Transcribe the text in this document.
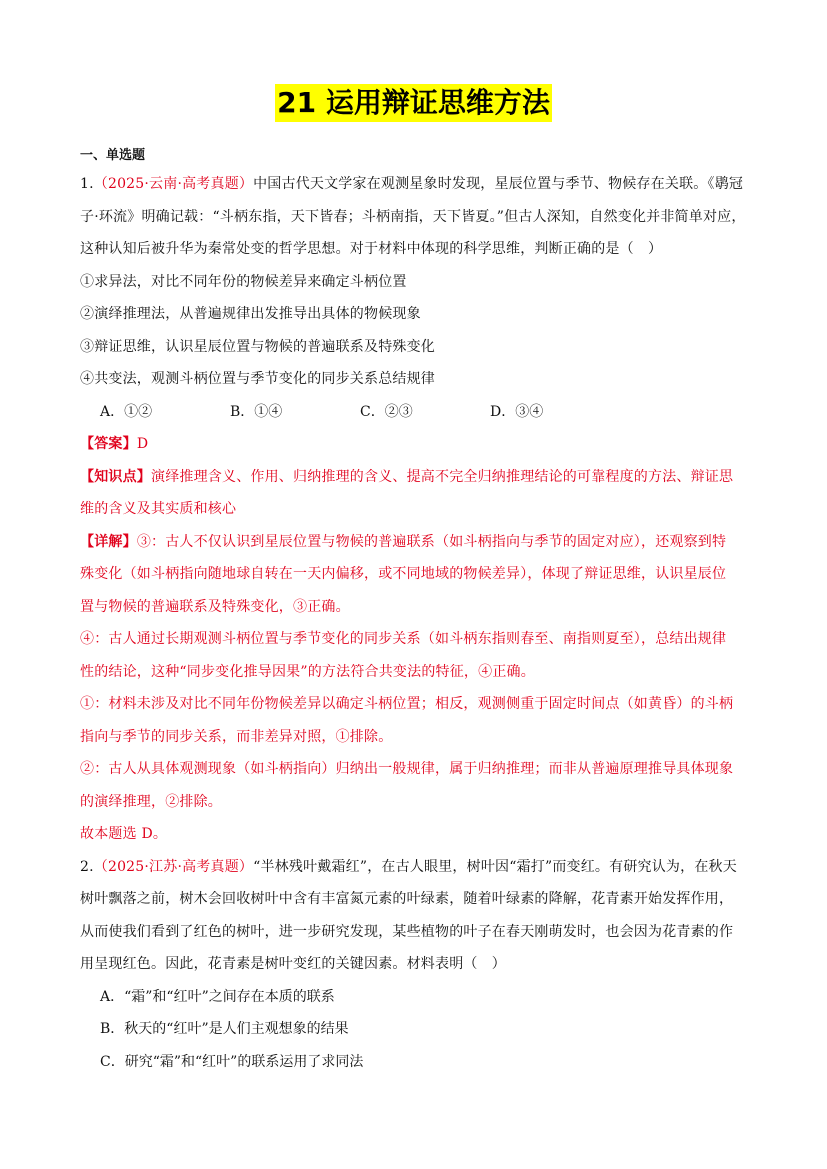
21 运用辩证思维方法
一、单选题

1.（2025·云南·高考真题）中国古代天文学家在观测星象时发现，星辰位置与季节、物候存在关联。《鹖冠

子·环流》明确记载：“斗柄东指，天下皆春；斗柄南指，天下皆夏。”但古人深知，自然变化并非简单对应，

这种认知后被升华为秦常处变的哲学思想。对于材料中体现的科学思维，判断正确的是（　）

①求异法，对比不同年份的物候差异来确定斗柄位置

②演绎推理法，从普遍规律出发推导出具体的物候现象

③辩证思维，认识星辰位置与物候的普遍联系及特殊变化

④共变法，观测斗柄位置与季节变化的同步关系总结规律

A．①②	B．①④	C．②③	D．③④

【答案】D

【知识点】演绎推理含义、作用、归纳推理的含义、提高不完全归纳推理结论的可靠程度的方法、辩证思

维的含义及其实质和核心

【详解】③：古人不仅认识到星辰位置与物候的普遍联系（如斗柄指向与季节的固定对应），还观察到特

殊变化（如斗柄指向随地球自转在一天内偏移，或不同地域的物候差异），体现了辩证思维，认识星辰位

置与物候的普遍联系及特殊变化，③正确。

④：古人通过长期观测斗柄位置与季节变化的同步关系（如斗柄东指则春至、南指则夏至），总结出规律

性的结论，这种“同步变化推导因果”的方法符合共变法的特征，④正确。

①：材料未涉及对比不同年份物候差异以确定斗柄位置；相反，观测侧重于固定时间点（如黄昏）的斗柄

指向与季节的同步关系，而非差异对照，①排除。

②：古人从具体观测现象（如斗柄指向）归纳出一般规律，属于归纳推理；而非从普遍原理推导具体现象

的演绎推理，②排除。

故本题选 D。

2.（2025·江苏·高考真题）“半林残叶戴霜红”，在古人眼里，树叶因“霜打”而变红。有研究认为，在秋天

树叶飘落之前，树木会回收树叶中含有丰富氮元素的叶绿素，随着叶绿素的降解，花青素开始发挥作用，

从而使我们看到了红色的树叶，进一步研究发现，某些植物的叶子在春天刚萌发时，也会因为花青素的作

用呈现红色。因此，花青素是树叶变红的关键因素。材料表明（　）

A．“霜”和“红叶”之间存在本质的联系
B．秋天的“红叶”是人们主观想象的结果
C．研究“霜”和“红叶”的联系运用了求同法
